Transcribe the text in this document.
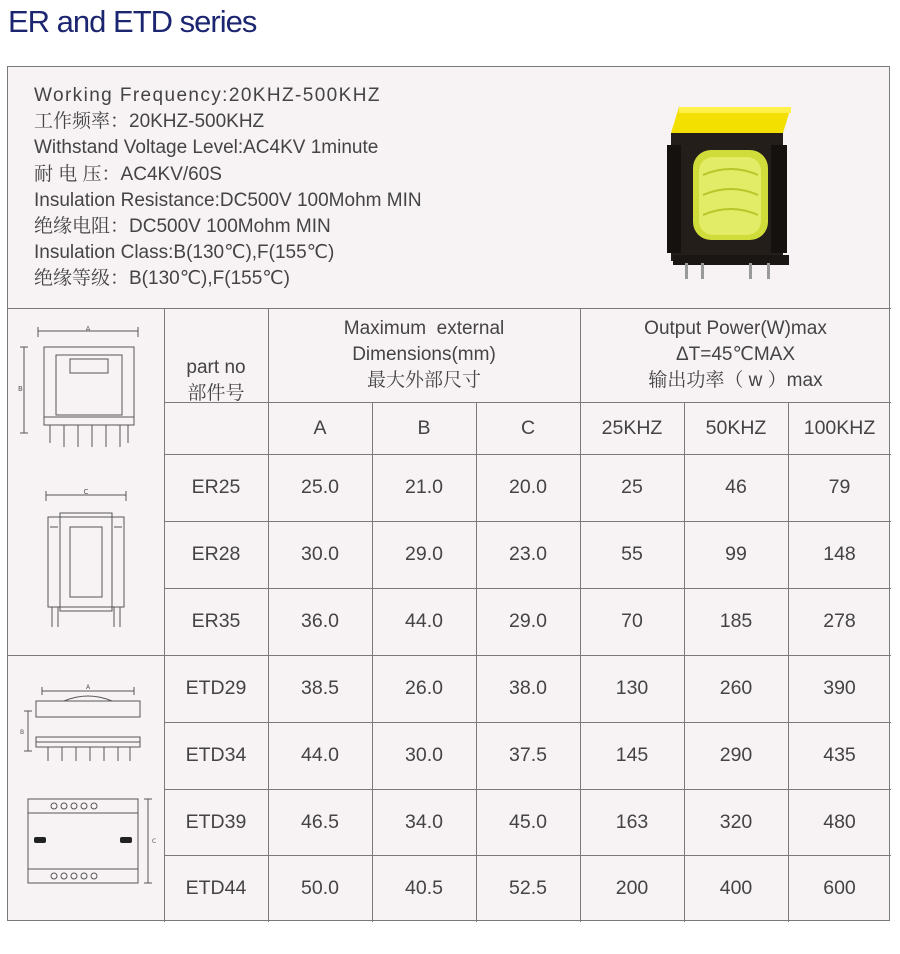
ER and ETD series
Working Frequency:20KHZ-500KHZ
工作频率：20KHZ-500KHZ
Withstand Voltage Level:AC4KV 1minute
耐 电 压：AC4KV/60S
Insulation Resistance:DC500V 100Mohm MIN
绝缘电阻：DC500V 100Mohm MIN
Insulation Class:B(130℃),F(155℃)
绝缘等级：B(130℃),F(155℃)
part no
部件号
Maximum  external
Dimensions(mm)
最大外部尺寸
Output Power(W)max
ΔT=45℃MAX
输出功率（ w ）max
A	B	C	25KHZ	50KHZ	100KHZ
ER25	25.0	21.0	20.0	25	46	79
ER28	30.0	29.0	23.0	55	99	148
ER35	36.0	44.0	29.0	70	185	278
ETD29	38.5	26.0	38.0	130	260	390
ETD34	44.0	30.0	37.5	145	290	435
ETD39	46.5	34.0	45.0	163	320	480
ETD44	50.0	40.5	52.5	200	400	600
A
B
C
A
B
C
